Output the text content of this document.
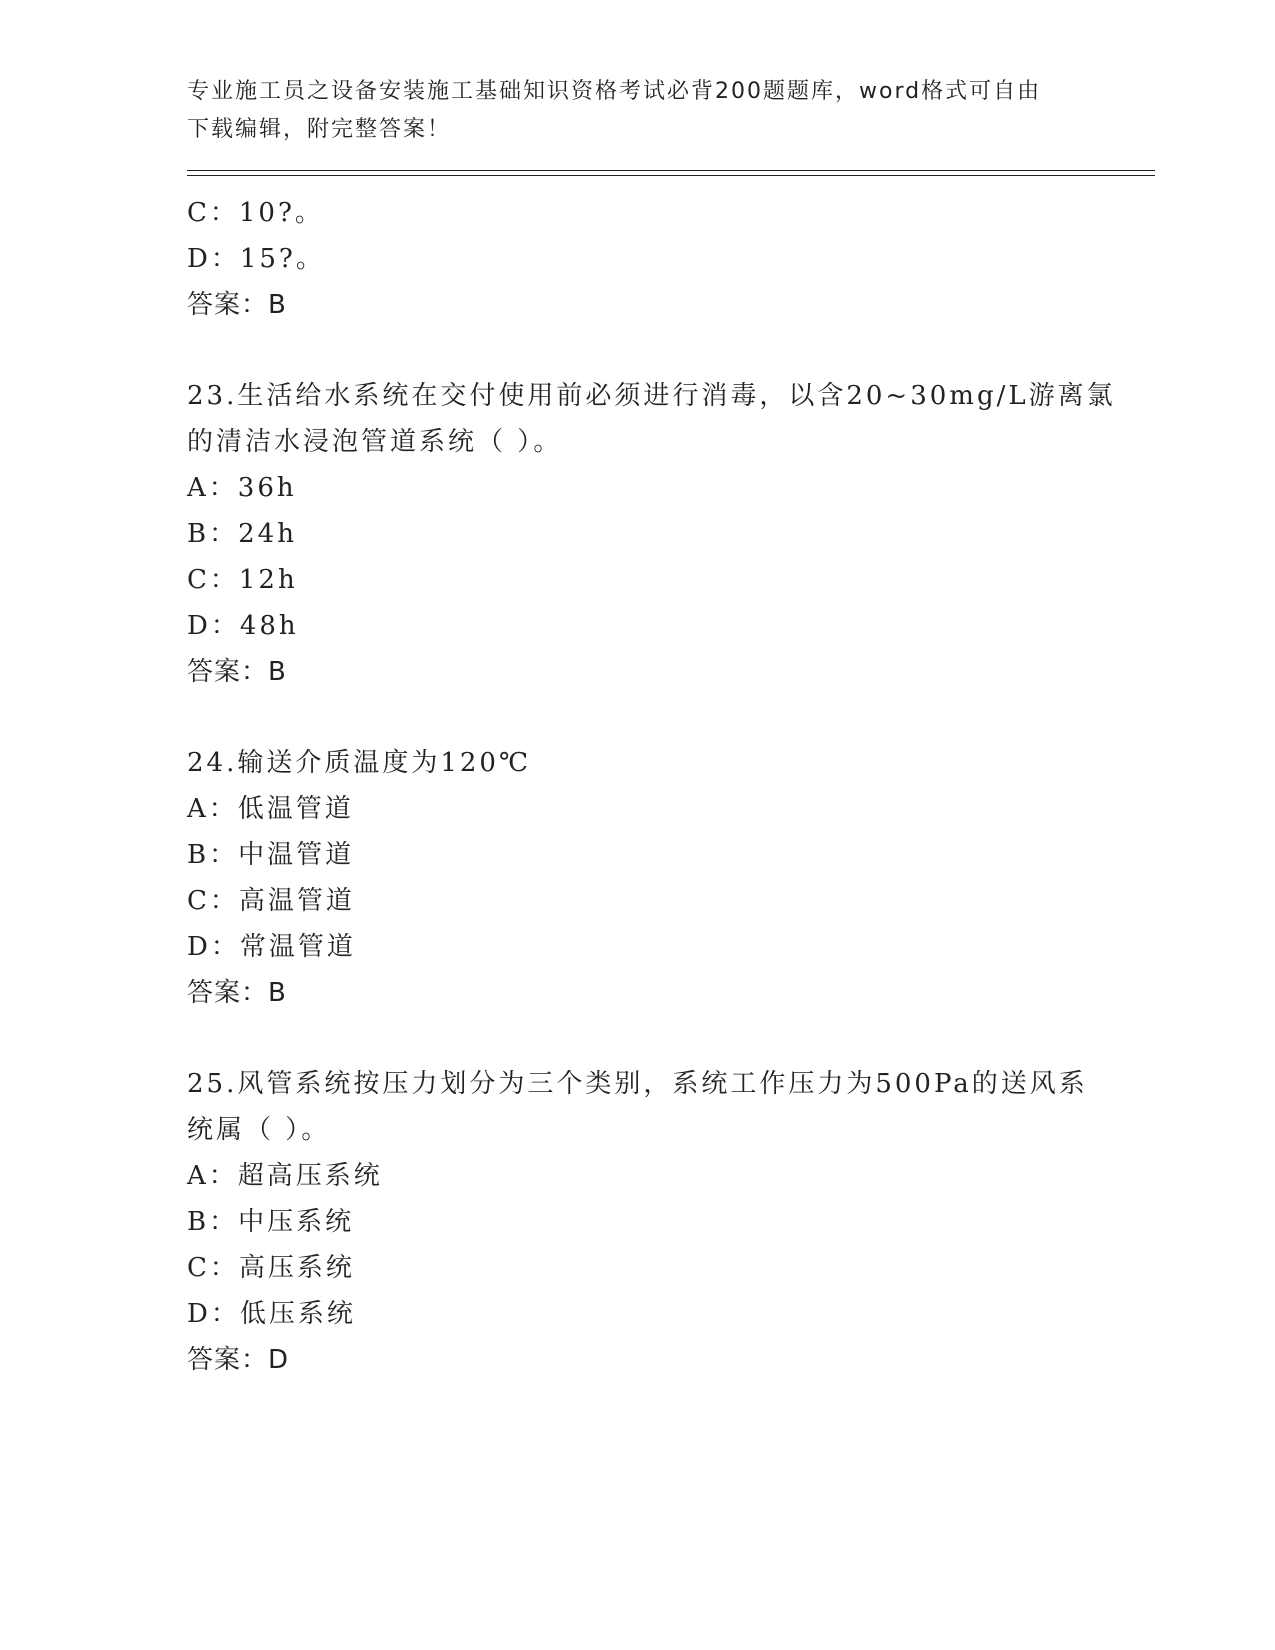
专业施工员之设备安装施工基础知识资格考试必背200题题库，word格式可自由
下载编辑，附完整答案！
C：10?。
D：15?。
答案：B
23.生活给水系统在交付使用前必须进行消毒，以含20~30mg/L游离氯
的清洁水浸泡管道系统（ ）。
A：36h
B：24h
C：12h
D：48h
答案：B
24.输送介质温度为120℃
A：低温管道
B：中温管道
C：高温管道
D：常温管道
答案：B
25.风管系统按压力划分为三个类别，系统工作压力为500Pa的送风系
统属（ ）。
A：超高压系统
B：中压系统
C：高压系统
D：低压系统
答案：D
